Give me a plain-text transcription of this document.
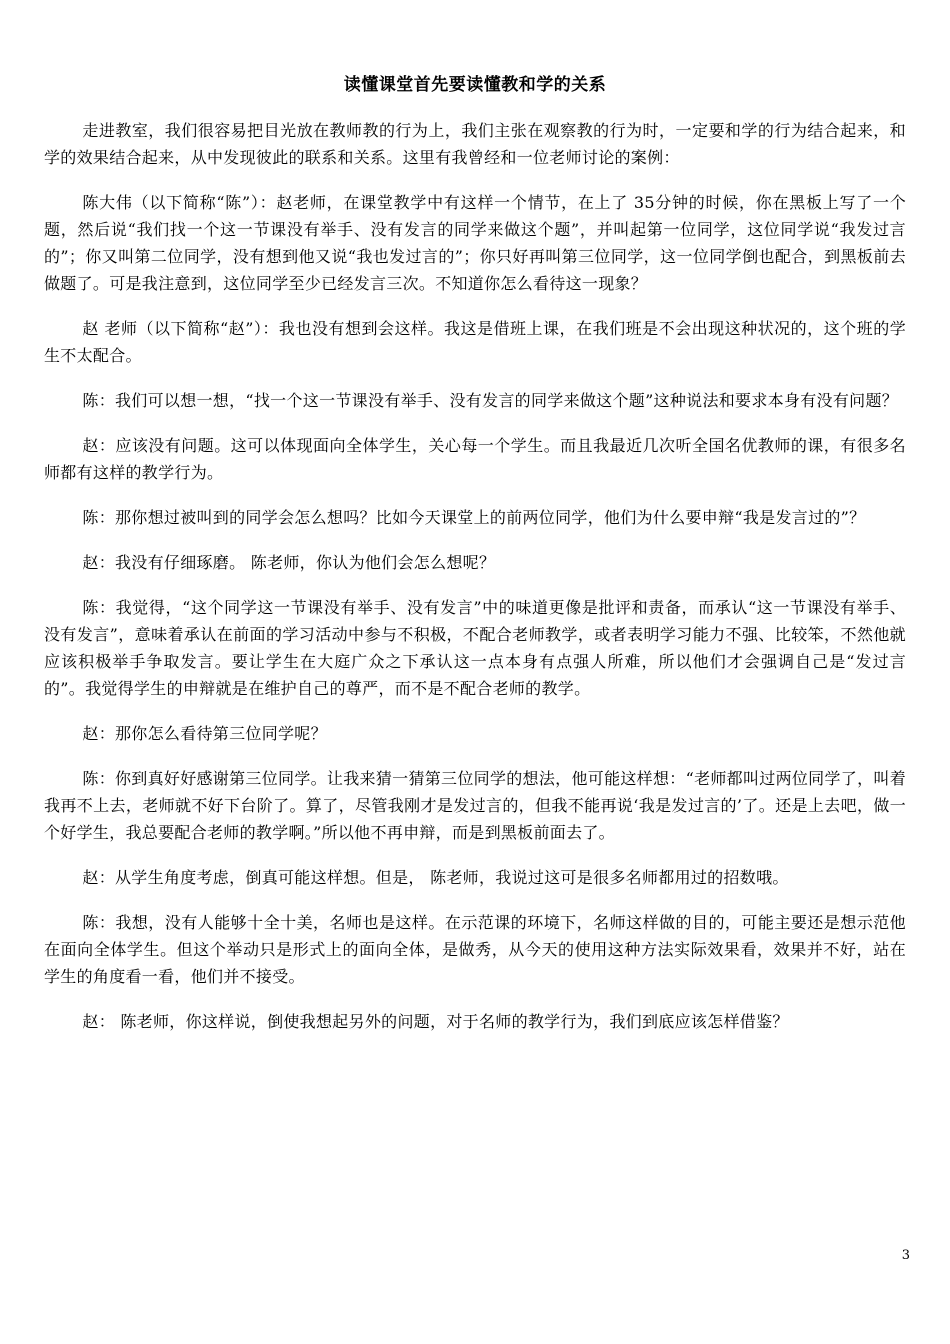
读懂课堂首先要读懂教和学的关系

走进教室，我们很容易把目光放在教师教的行为上，我们主张在观察教的行为时，一定要和学的行为结合起来，和学的效果结合起来，从中发现彼此的联系和关系。这里有我曾经和一位老师讨论的案例：

陈大伟（以下简称“陈”）：赵老师，在课堂教学中有这样一个情节，在上了 35分钟的时候，你在黑板上写了一个题，然后说“我们找一个这一节课没有举手、没有发言的同学来做这个题”，并叫起第一位同学，这位同学说“我发过言的”；你又叫第二位同学，没有想到他又说“我也发过言的”；你只好再叫第三位同学，这一位同学倒也配合，到黑板前去做题了。可是我注意到，这位同学至少已经发言三次。不知道你怎么看待这一现象？

赵 老师（以下简称“赵”）：我也没有想到会这样。我这是借班上课，在我们班是不会出现这种状况的，这个班的学生不太配合。

陈：我们可以想一想，“找一个这一节课没有举手、没有发言的同学来做这个题”这种说法和要求本身有没有问题？

赵：应该没有问题。这可以体现面向全体学生，关心每一个学生。而且我最近几次听全国名优教师的课，有很多名师都有这样的教学行为。

陈：那你想过被叫到的同学会怎么想吗？比如今天课堂上的前两位同学，他们为什么要申辩“我是发言过的”？

赵：我没有仔细琢磨。 陈老师，你认为他们会怎么想呢？

陈：我觉得，“这个同学这一节课没有举手、没有发言”中的味道更像是批评和责备，而承认“这一节课没有举手、没有发言”，意味着承认在前面的学习活动中参与不积极，不配合老师教学，或者表明学习能力不强、比较笨，不然他就应该积极举手争取发言。要让学生在大庭广众之下承认这一点本身有点强人所难，所以他们才会强调自己是“发过言的”。我觉得学生的申辩就是在维护自己的尊严，而不是不配合老师的教学。

赵：那你怎么看待第三位同学呢？

陈：你到真好好感谢第三位同学。让我来猜一猜第三位同学的想法，他可能这样想：“老师都叫过两位同学了，叫着我再不上去，老师就不好下台阶了。算了，尽管我刚才是发过言的，但我不能再说‘我是发过言的’了。还是上去吧，做一个好学生，我总要配合老师的教学啊。”所以他不再申辩，而是到黑板前面去了。

赵：从学生角度考虑，倒真可能这样想。但是， 陈老师，我说过这可是很多名师都用过的招数哦。

陈：我想，没有人能够十全十美，名师也是这样。在示范课的环境下，名师这样做的目的，可能主要还是想示范他在面向全体学生。但这个举动只是形式上的面向全体，是做秀，从今天的使用这种方法实际效果看，效果并不好，站在学生的角度看一看，他们并不接受。

赵： 陈老师，你这样说，倒使我想起另外的问题，对于名师的教学行为，我们到底应该怎样借鉴？

3
